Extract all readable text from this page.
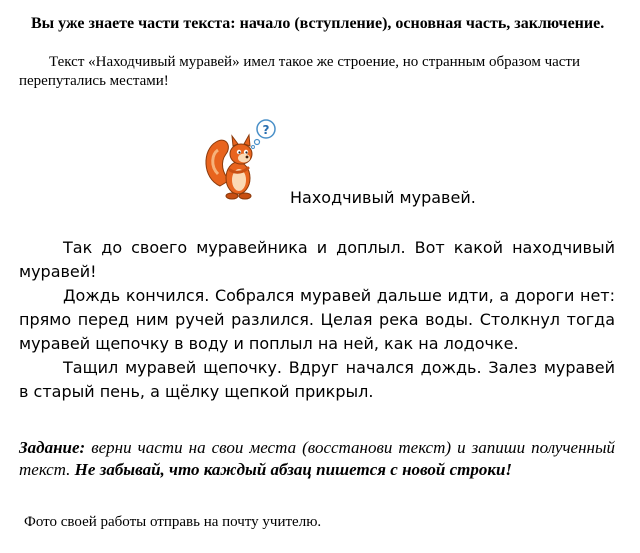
Вы уже знаете части текста: начало (вступление), основная часть, заключение.
Текст «Находчивый муравей» имел такое же строение, но странным образом части перепутались местами!
?
Находчивый муравей.

Так до своего муравейника и доплыл. Вот какой находчивый муравей!

Дождь кончился. Собрался муравей дальше идти, а дороги нет: прямо перед ним ручей разлился. Целая река воды. Столкнул тогда муравей щепочку в воду и поплыл на ней, как на лодочке.

Тащил муравей щепочку. Вдруг начался дождь. Залез муравей в старый пень, а щёлку щепкой прикрыл.

Задание: верни части на свои места (восстанови текст) и запиши полученный текст. Не забывай, что каждый абзац пишется с новой строки!
Фото своей работы отправь на почту учителю.
